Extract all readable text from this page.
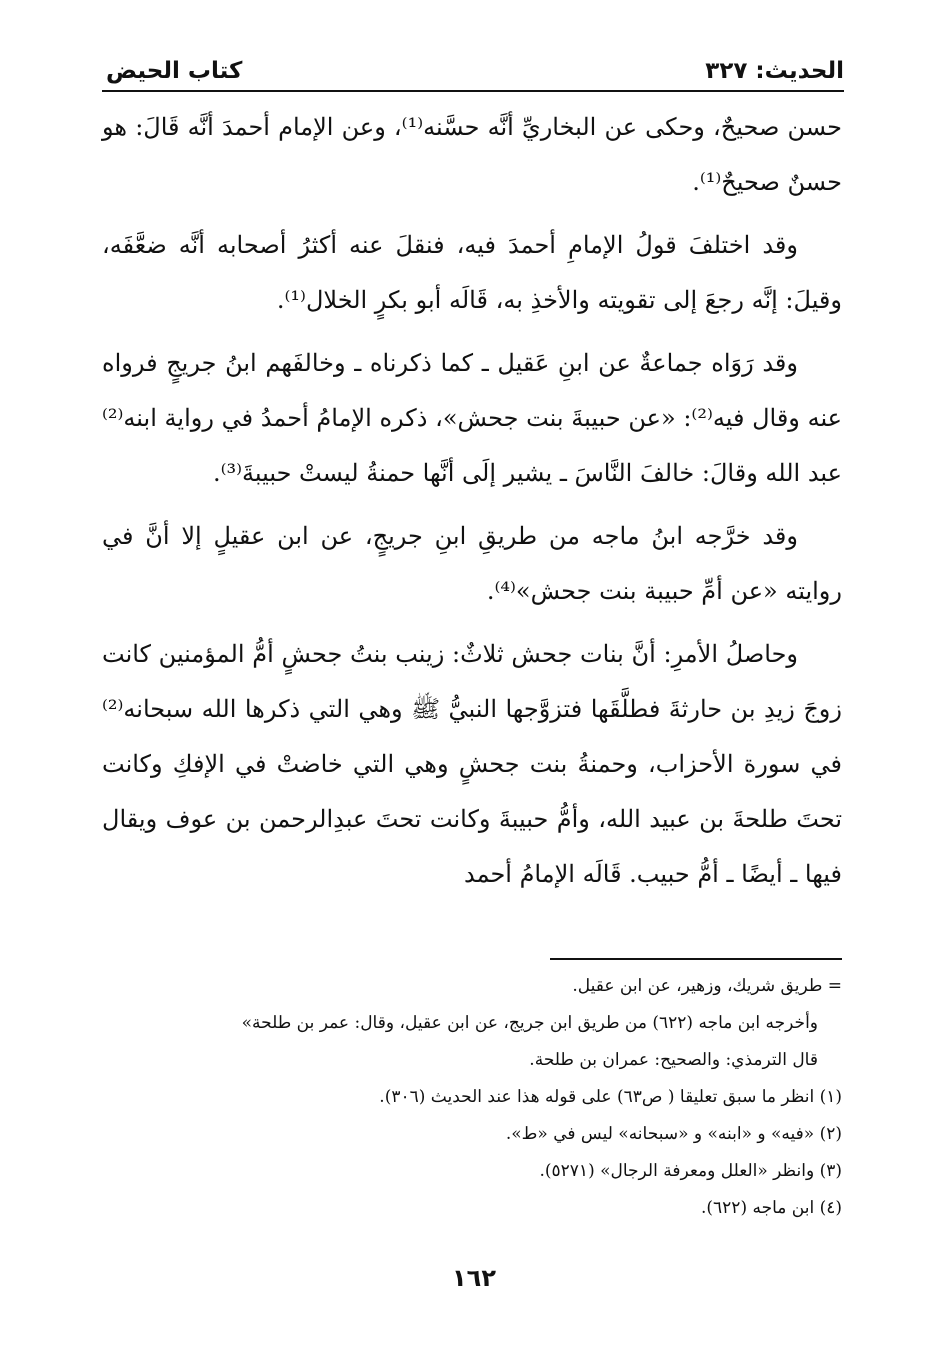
الحديث: ٣٢٧
كتاب الحيض

حسن صحيحٌ، وحكى عن البخاريِّ أنَّه حسَّنه⁽¹⁾، وعن الإمام أحمدَ أنَّه قَالَ: هو حسنٌ صحيحٌ⁽¹⁾.

وقد اختلفَ قولُ الإمامِ أحمدَ فيه، فنقلَ عنه أكثرُ أصحابه أنَّه ضعَّفَه، وقيلَ: إنَّه رجعَ إلى تقويته والأخذِ به، قَالَه أبو بكرٍ الخلال⁽¹⁾.

وقد رَوَاه جماعةٌ عن ابنِ عَقيل ـ كما ذكرناه ـ وخالفَهم ابنُ جريجٍ فرواه عنه وقال فيه⁽²⁾: «عن حبيبةَ بنت جحش»، ذكره الإمامُ أحمدُ في رواية ابنه⁽²⁾ عبد الله وقالَ: خالفَ النَّاسَ ـ يشير إلَى أنَّها حمنةُ ليستْ حبيبةَ⁽³⁾.

وقد خرَّجه ابنُ ماجه من طريقِ ابنِ جريجٍ، عن ابن عقيلٍ إلا أنَّ في روايته «عن أمِّ حبيبة بنت جحش»⁽⁴⁾.

وحاصلُ الأمرِ: أنَّ بنات جحش ثلاثٌ: زينب بنتُ جحشٍ أمُّ المؤمنين كانت زوجَ زيدِ بن حارثةَ فطلَّقَها فتزوَّجها النبيُّ ﷺ وهي التي ذكرها الله سبحانه⁽²⁾ في سورة الأحزاب، وحمنةُ بنت جحشٍ وهي التي خاضتْ في الإفكِ وكانت تحتَ طلحةَ بن عبيد الله، وأمُّ حبيبةَ وكانت تحتَ عبدِالرحمن بن عوف ويقال فيها ـ أيضًا ـ أمُّ حبيب. قَالَه الإمامُ أحمد

= طريق شريك، وزهير، عن ابن عقيل.
وأخرجه ابن ماجه (٦٢٢) من طريق ابن جريج، عن ابن عقيل، وقال: عمر بن طلحة»
قال الترمذي: والصحيح: عمران بن طلحة.
(١) انظر ما سبق تعليقا ( ص٦٣) على قوله هذا عند الحديث (٣٠٦).
(٢) «فيه» و «ابنه» و «سبحانه» ليس في «ط».
(٣) وانظر «العلل ومعرفة الرجال» (٥٢٧١).
(٤) ابن ماجه (٦٢٢).
١٦٢
